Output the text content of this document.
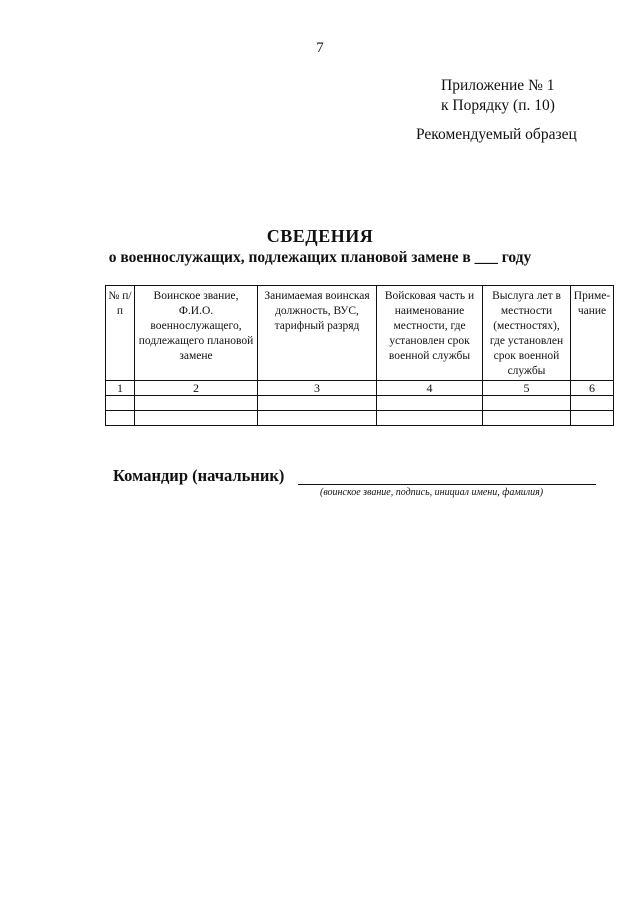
7
Приложение № 1
к Порядку (п. 10)
Рекомендуемый образец
СВЕДЕНИЯ
о военнослужащих, подлежащих плановой замене в ___ году
№ п/п	Воинское звание, Ф.И.О. военнослужащего, подлежащего плановой замене	Занимаемая воинская должность, ВУС, тарифный разряд	Войсковая часть и наименование местности, где установлен срок военной службы	Выслуга лет в местности (местностях), где установлен срок военной службы	Приме-чание
1	2	3	4	5	6

Командир (начальник)
(воинское звание, подпись, инициал имени, фамилия)
